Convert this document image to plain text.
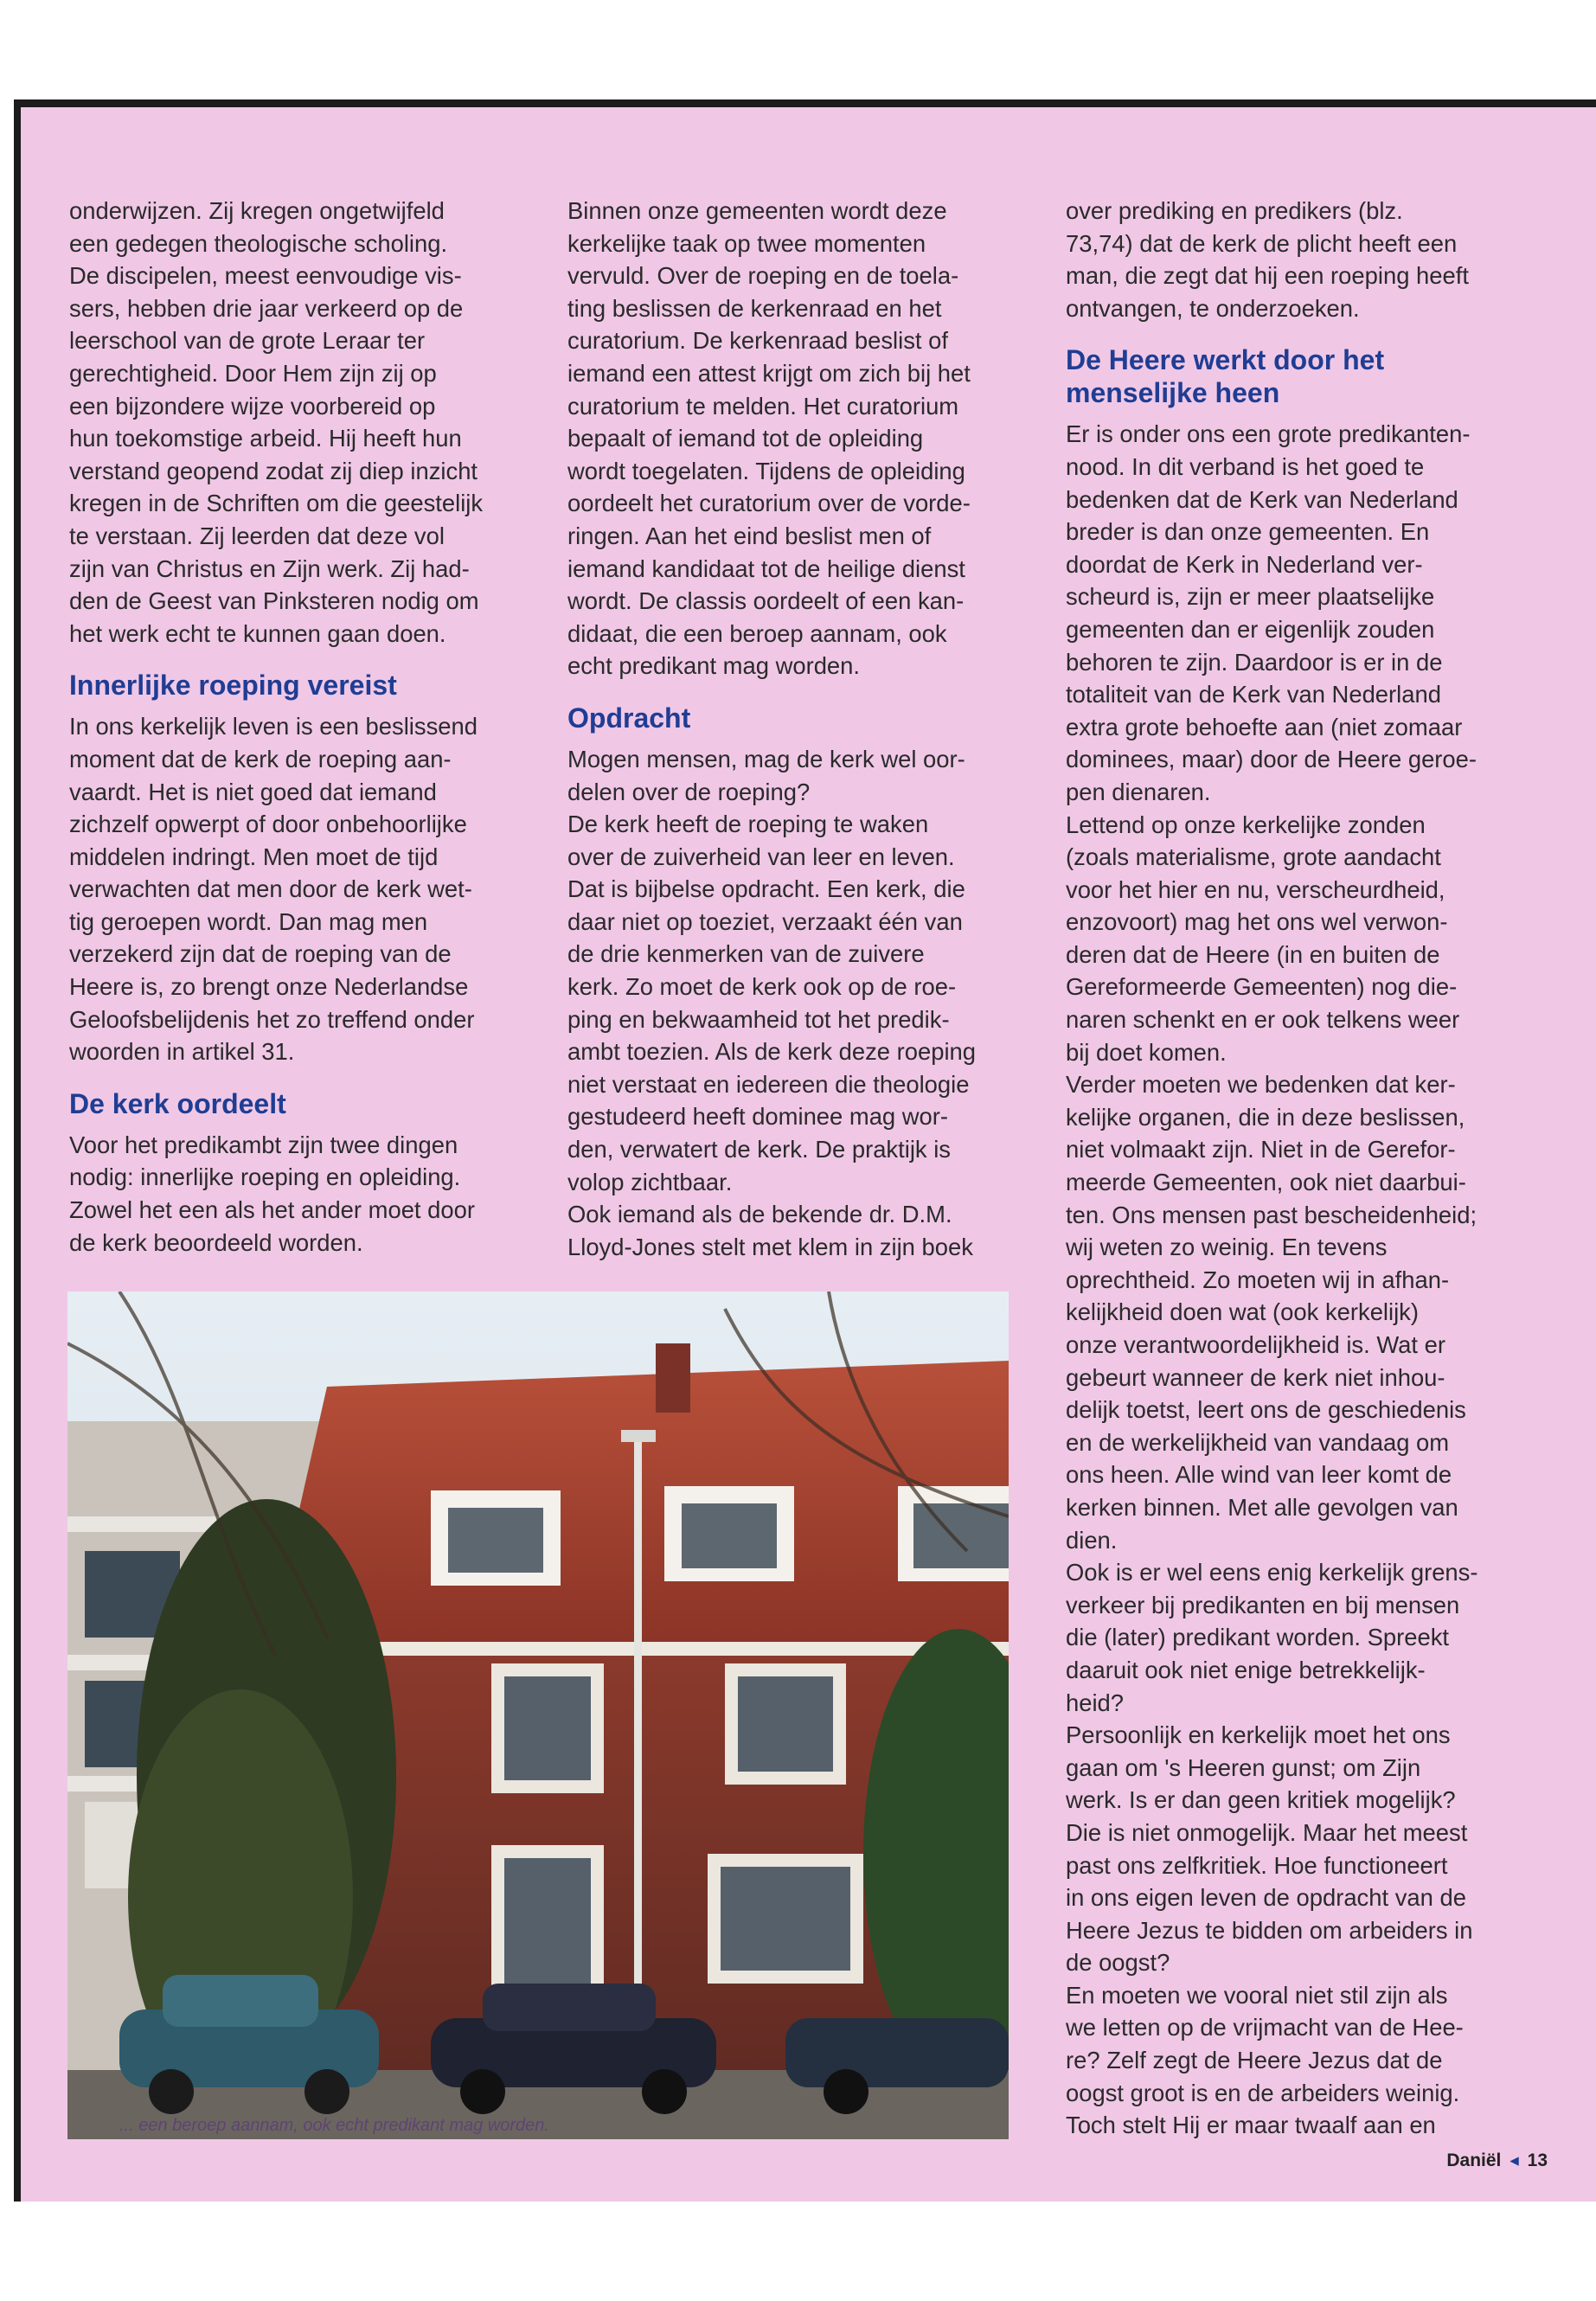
onderwijzen. Zij kregen ongetwijfeld

een gedegen theologische scholing.

De discipelen, meest eenvoudige vis-

sers, hebben drie jaar verkeerd op de

leerschool van de grote Leraar ter

gerechtigheid. Door Hem zijn zij op

een bijzondere wijze voorbereid op

hun toekomstige arbeid. Hij heeft hun

verstand geopend zodat zij diep inzicht

kregen in de Schriften om die geestelijk

te verstaan. Zij leerden dat deze vol

zijn van Christus en Zijn werk. Zij had-

den de Geest van Pinksteren nodig om

het werk echt te kunnen gaan doen.

Innerlijke roeping vereist

In ons kerkelijk leven is een beslissend

moment dat de kerk de roeping aan-

vaardt. Het is niet goed dat iemand

zichzelf opwerpt of door onbehoorlijke

middelen indringt. Men moet de tijd

verwachten dat men door de kerk wet-

tig geroepen wordt. Dan mag men

verzekerd zijn dat de roeping van de

Heere is, zo brengt onze Nederlandse

Geloofsbelijdenis het zo treffend onder

woorden in artikel 31.

De kerk oordeelt

Voor het predikambt zijn twee dingen

nodig: innerlijke roeping en opleiding.

Zowel het een als het ander moet door

de kerk beoordeeld worden.

Binnen onze gemeenten wordt deze

kerkelijke taak op twee momenten

vervuld. Over de roeping en de toela-

ting beslissen de kerkenraad en het

curatorium. De kerkenraad beslist of

iemand een attest krijgt om zich bij het

curatorium te melden. Het curatorium

bepaalt of iemand tot de opleiding

wordt toegelaten. Tijdens de opleiding

oordeelt het curatorium over de vorde-

ringen. Aan het eind beslist men of

iemand kandidaat tot de heilige dienst

wordt. De classis oordeelt of een kan-

didaat, die een beroep aannam, ook

echt predikant mag worden.

Opdracht

Mogen mensen, mag de kerk wel oor-

delen over de roeping?

De kerk heeft de roeping te waken

over de zuiverheid van leer en leven.

Dat is bijbelse opdracht. Een kerk, die

daar niet op toeziet, verzaakt één van

de drie kenmerken van de zuivere

kerk. Zo moet de kerk ook op de roe-

ping en bekwaamheid tot het predik-

ambt toezien. Als de kerk deze roeping

niet verstaat en iedereen die theologie

gestudeerd heeft dominee mag wor-

den, verwatert de kerk. De praktijk is

volop zichtbaar.

Ook iemand als de bekende dr. D.M.

Lloyd-Jones stelt met klem in zijn boek

over prediking en predikers (blz.

73,74) dat de kerk de plicht heeft een

man, die zegt dat hij een roeping heeft

ontvangen, te onderzoeken.

De Heere werkt door het
menselijke heen

Er is onder ons een grote predikanten-

nood. In dit verband is het goed te

bedenken dat de Kerk van Nederland

breder is dan onze gemeenten. En

doordat de Kerk in Nederland ver-

scheurd is, zijn er meer plaatselijke

gemeenten dan er eigenlijk zouden

behoren te zijn. Daardoor is er in de

totaliteit van de Kerk van Nederland

extra grote behoefte aan (niet zomaar

dominees, maar) door de Heere geroe-

pen dienaren.

Lettend op onze kerkelijke zonden

(zoals materialisme, grote aandacht

voor het hier en nu, verscheurdheid,

enzovoort) mag het ons wel verwon-

deren dat de Heere (in en buiten de

Gereformeerde Gemeenten) nog die-

naren schenkt en er ook telkens weer

bij doet komen.

Verder moeten we bedenken dat ker-

kelijke organen, die in deze beslissen,

niet volmaakt zijn. Niet in de Gerefor-

meerde Gemeenten, ook niet daarbui-

ten. Ons mensen past bescheidenheid;

wij weten zo weinig. En tevens

oprechtheid. Zo moeten wij in afhan-

kelijkheid doen wat (ook kerkelijk)

onze verantwoordelijkheid is. Wat er

gebeurt wanneer de kerk niet inhou-

delijk toetst, leert ons de geschiedenis

en de werkelijkheid van vandaag om

ons heen. Alle wind van leer komt de

kerken binnen. Met alle gevolgen van

dien.

Ook is er wel eens enig kerkelijk grens-

verkeer bij predikanten en bij mensen

die (later) predikant worden. Spreekt

daaruit ook niet enige betrekkelijk-

heid?

Persoonlijk en kerkelijk moet het ons

gaan om 's Heeren gunst; om Zijn

werk. Is er dan geen kritiek mogelijk?

Die is niet onmogelijk. Maar het meest

past ons zelfkritiek. Hoe functioneert

in ons eigen leven de opdracht van de

Heere Jezus te bidden om arbeiders in

de oogst?

En moeten we vooral niet stil zijn als

we letten op de vrijmacht van de Hee-

re? Zelf zegt de Heere Jezus dat de

oogst groot is en de arbeiders weinig.

Toch stelt Hij er maar twaalf aan en

... een beroep aannam, ook echt predikant mag worden.
Daniël ◂ 13
